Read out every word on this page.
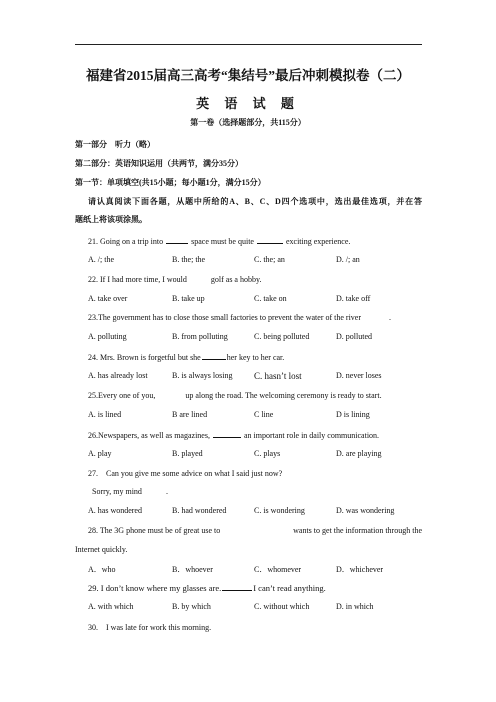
福建省2015届高三高考“集结号”最后冲刺模拟卷（二）
英 语 试 题
第一卷（选择题部分，共115分）
第一部分　听力（略）
第二部分：英语知识运用（共两节，满分35分）
第一节：单项填空(共15小题；每小题1分，满分15分）
请认真阅读下面各题，从题中所给的A、B、C、D四个选项中，选出最佳选项，并在答
题纸上将该项涂黑。
21. Going on a trip into	space must be quite	exciting experience.
A. /; the	B. the; the	C. the; an	D. /; an
22. If I had more time, I would	golf as a hobby.
A. take over	B. take up	C. take on	D. take off
23.The government has to close those small factories to prevent the water of the river	.
A. polluting	B. from polluting	C. being polluted	D. polluted
24. Mrs. Brown is forgetful but she	her key to her car.
A. has already lost	B. is always losing C. hasn’t lost	D. never loses
25.Every one of you,	up along the road. The welcoming ceremony is ready to start.
A. is lined	B are lined	C line	D is lining
26.Newspapers, as well as magazines,	an important role in daily communication.
A. play	B. played	C. plays	D. are playing
27.　Can you give me some advice on what I said just now?
Sorry, my mind	.
A. has wondered	B. had wondered	C. is wondering	D. was wondering
28. The 3G phone must be of great use to	wants to get the information through the
Internet quickly.
A．who	B．whoever	C．whomever	D．whichever
29. I don’t know where my glasses are.	I can’t read anything.
A. with which	B. by which	C. without which	D. in which
30.　I was late for work this morning.
